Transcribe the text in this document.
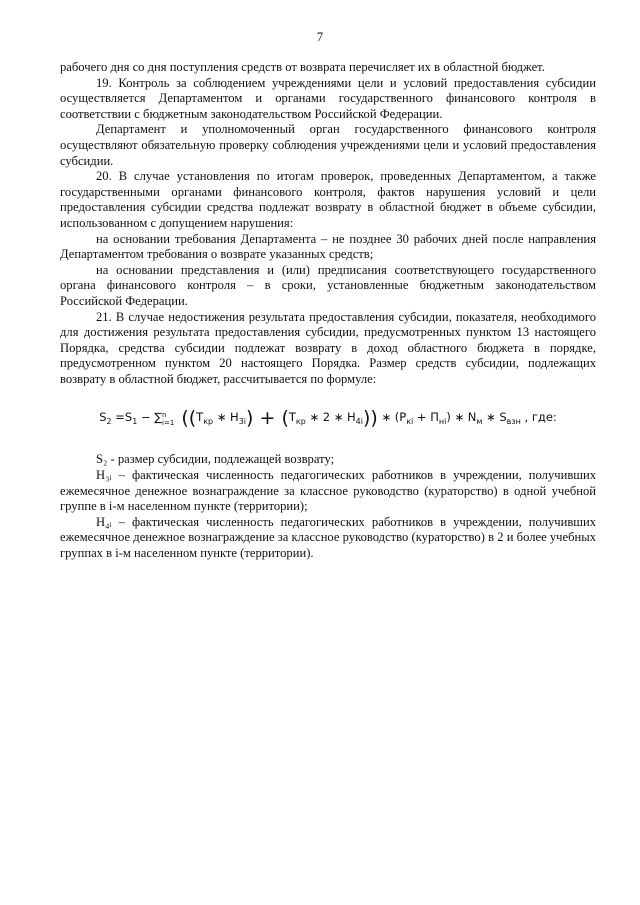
7

рабочего дня со дня поступления средств от возврата перечисляет их в областной бюджет.

19. Контроль за соблюдением учреждениями цели и условий предоставления субсидии осуществляется Департаментом и органами государственного финансового контроля в соответствии с бюджетным законодательством Российской Федерации.

Департамент и уполномоченный орган государственного финансового контроля осуществляют обязательную проверку соблюдения учреждениями цели и условий предоставления субсидии.

20. В случае установления по итогам проверок, проведенных Департаментом, а также государственными органами финансового контроля, фактов нарушения условий и цели предоставления субсидии средства подлежат возврату в областной бюджет в объеме субсидии, использованном с допущением нарушения:

на основании требования Департамента – не позднее 30 рабочих дней после направления Департаментом требования о возврате указанных средств;

на основании представления и (или) предписания соответствующего государственного органа финансового контроля – в сроки, установленные бюджетным законодательством Российской Федерации.

21. В случае недостижения результата предоставления субсидии, показателя, необходимого для достижения результата предоставления субсидии, предусмотренных пунктом 13 настоящего Порядка, средства субсидии подлежат возврату в доход областного бюджета в порядке, предусмотренном пунктом 20 настоящего Порядка. Размер средств субсидии, подлежащих возврату в областной бюджет, рассчитывается по формуле:

$S_2 =S_1 - \sum n$
i=1 (($Т_{кр}$ ∗ $Н_{3i}) + (Т_{кр}$ ∗ 2 ∗ $Н_{4i}$)) ∗ $(Р_{кi} + П_{нi})$ ∗ $N_м$ ∗ $S_{взн}$ , где:

S₂ - размер субсидии, подлежащей возврату;

Н₃ᵢ – фактическая численность педагогических работников в учреждении, получивших ежемесячное денежное вознаграждение за классное руководство (кураторство) в одной учебной группе в i-м населенном пункте (территории);

Н₄ᵢ – фактическая численность педагогических работников в учреждении, получивших ежемесячное денежное вознаграждение за классное руководство (кураторство) в 2 и более учебных группах в i-м населенном пункте (территории).
